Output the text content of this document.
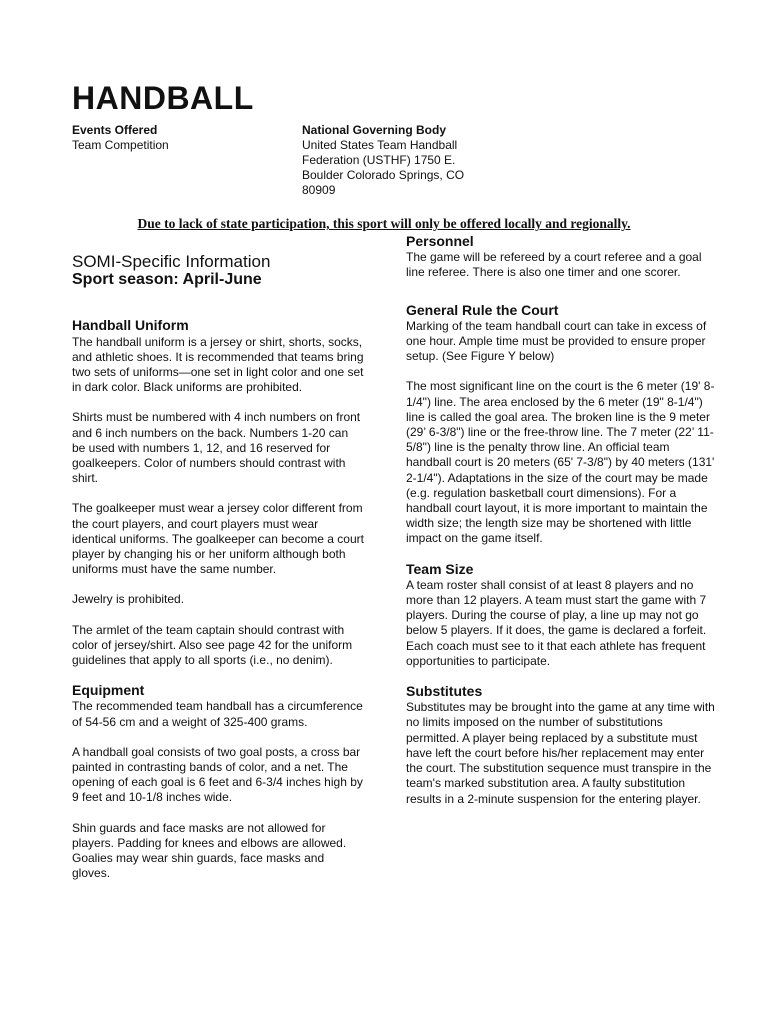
HANDBALL
Events Offered
Team Competition
National Governing Body
United States Team Handball
Federation (USTHF) 1750 E.
Boulder Colorado Springs, CO
80909
Due to lack of state participation, this sport will only be offered locally and regionally.
SOMI-Specific Information
Sport season: April-June
Handball Uniform

The handball uniform is a jersey or shirt, shorts, socks, and athletic shoes. It is recommended that teams bring two sets of uniforms—one set in light color and one set in dark color. Black uniforms are prohibited.

Shirts must be numbered with 4 inch numbers on front and 6 inch numbers on the back. Numbers 1-20 can be used with numbers 1, 12, and 16 reserved for goalkeepers. Color of numbers should contrast with shirt.

The goalkeeper must wear a jersey color different from the court players, and court players must wear identical uniforms. The goalkeeper can become a court player by changing his or her uniform although both uniforms must have the same number.

Jewelry is prohibited.

The armlet of the team captain should contrast with color of jersey/shirt. Also see page 42 for the uniform guidelines that apply to all sports (i.e., no denim).

Equipment

The recommended team handball has a circumference of 54-56 cm and a weight of 325-400 grams.

A handball goal consists of two goal posts, a cross bar painted in contrasting bands of color, and a net. The opening of each goal is 6 feet and 6-3/4 inches high by 9 feet and 10-1/8 inches wide.

Shin guards and face masks are not allowed for players. Padding for knees and elbows are allowed. Goalies may wear shin guards, face masks and gloves.

Personnel

The game will be refereed by a court referee and a goal line referee. There is also one timer and one scorer.

General Rule the Court

Marking of the team handball court can take in excess of one hour. Ample time must be provided to ensure proper setup. (See Figure Y below)

The most significant line on the court is the 6 meter (19' 8-1/4") line. The area enclosed by the 6 meter (19" 8-1/4") line is called the goal area. The broken line is the 9 meter (29’ 6-3/8") line or the free-throw line. The 7 meter (22’ 11-5/8") line is the penalty throw line. An official team handball court is 20 meters (65' 7-3/8") by 40 meters (131' 2-1/4"). Adaptations in the size of the court may be made (e.g. regulation basketball court dimensions). For a handball court layout, it is more important to maintain the width size; the length size may be shortened with little impact on the game itself.

Team Size

A team roster shall consist of at least 8 players and no more than 12 players. A team must start the game with 7 players. During the course of play, a line up may not go below 5 players. If it does, the game is declared a forfeit. Each coach must see to it that each athlete has frequent opportunities to participate.

Substitutes

Substitutes may be brought into the game at any time with no limits imposed on the number of substitutions permitted. A player being replaced by a substitute must have left the court before his/her replacement may enter the court. The substitution sequence must transpire in the team's marked substitution area. A faulty substitution results in a 2-minute suspension for the entering player.
